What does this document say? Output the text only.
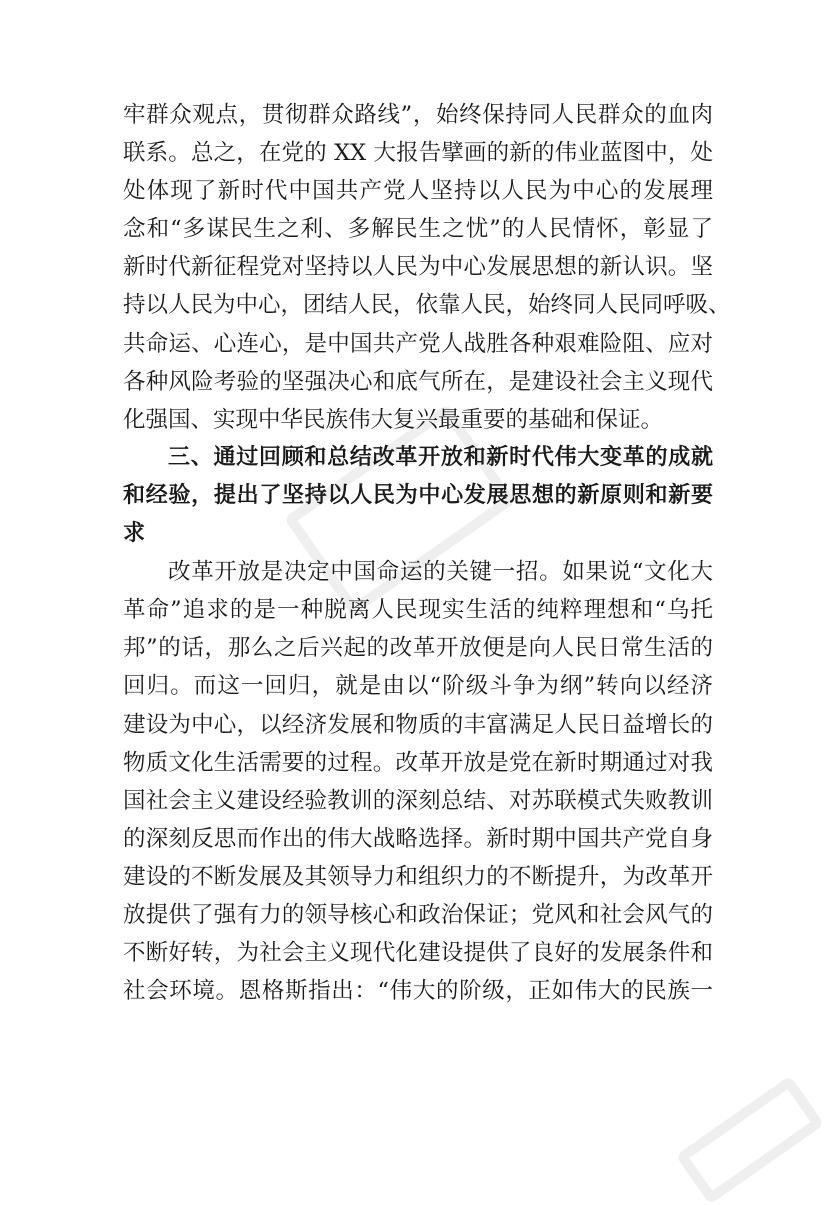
牢群众观点，贯彻群众路线”，始终保持同人民群众的血肉
联系。总之，在党的 XX 大报告擘画的新的伟业蓝图中，处
处体现了新时代中国共产党人坚持以人民为中心的发展理
念和“多谋民生之利、多解民生之忧”的人民情怀，彰显了
新时代新征程党对坚持以人民为中心发展思想的新认识。坚
持以人民为中心，团结人民，依靠人民，始终同人民同呼吸、
共命运、心连心，是中国共产党人战胜各种艰难险阻、应对
各种风险考验的坚强决心和底气所在，是建设社会主义现代
化强国、实现中华民族伟大复兴最重要的基础和保证。
三、通过回顾和总结改革开放和新时代伟大变革的成就
和经验，提出了坚持以人民为中心发展思想的新原则和新要
求
改革开放是决定中国命运的关键一招。如果说“文化大
革命”追求的是一种脱离人民现实生活的纯粹理想和“乌托
邦”的话，那么之后兴起的改革开放便是向人民日常生活的
回归。而这一回归，就是由以“阶级斗争为纲”转向以经济
建设为中心，以经济发展和物质的丰富满足人民日益增长的
物质文化生活需要的过程。改革开放是党在新时期通过对我
国社会主义建设经验教训的深刻总结、对苏联模式失败教训
的深刻反思而作出的伟大战略选择。新时期中国共产党自身
建设的不断发展及其领导力和组织力的不断提升，为改革开
放提供了强有力的领导核心和政治保证；党风和社会风气的
不断好转，为社会主义现代化建设提供了良好的发展条件和
社会环境。恩格斯指出：“伟大的阶级，正如伟大的民族一
